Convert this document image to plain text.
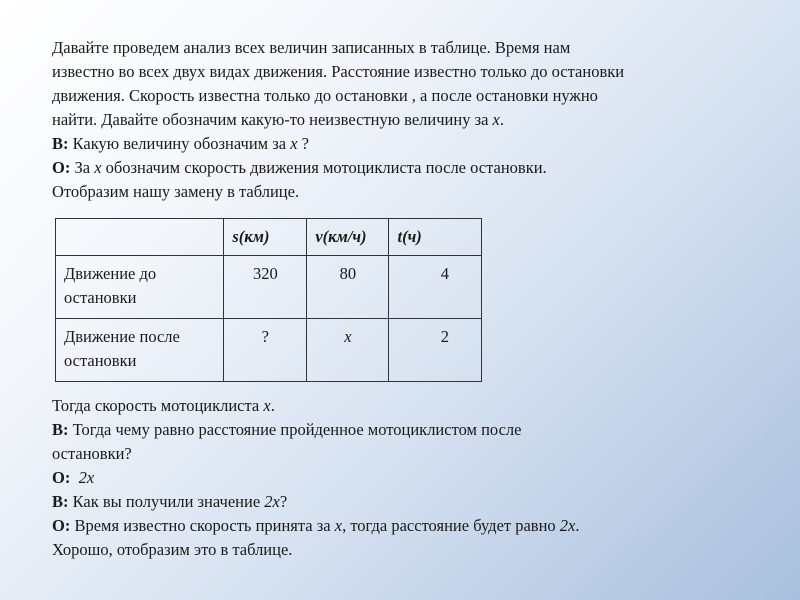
Давайте проведем анализ всех величин записанных в таблице. Время нам
известно во всех двух видах движения. Расстояние известно только до остановки
движения. Скорость известна только до остановки , а после остановки нужно
найти. Давайте обозначим какую-то неизвестную величину за x.
В: Какую величину обозначим за x ?
О: За x обозначим скорость движения мотоциклиста после остановки.
Отобразим нашу замену в таблице.

	s(км)	v(км/ч)	t(ч)

Движение до
остановки	320	80	4

Движение после
остановки	?	x	2

Тогда скорость мотоциклиста x.
В: Тогда чему равно расстояние пройденное мотоциклистом после
остановки?
О: 2x
В: Как вы получили значение 2x?
О: Время известно скорость принята за x, тогда расстояние будет равно 2x.
Хорошо, отобразим это в таблице.
